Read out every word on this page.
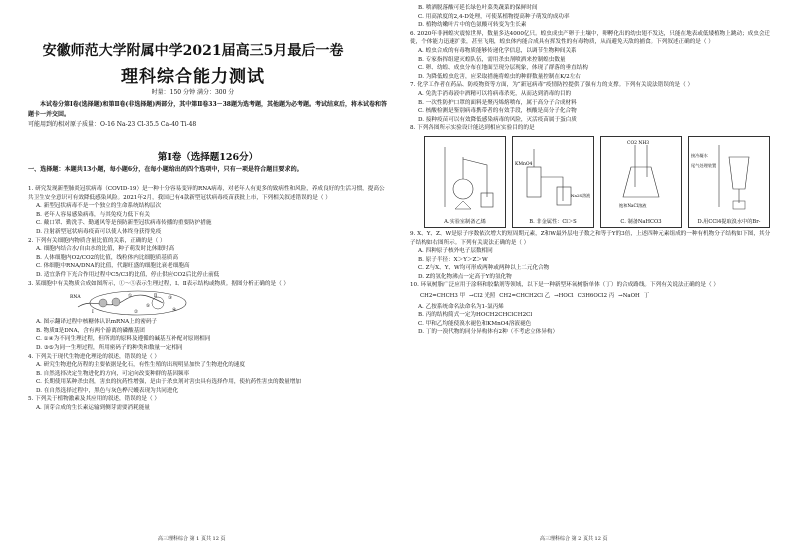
安徽师范大学附属中学2021届高三5月最后一卷
理科综合能力测试
时量：150 分钟 满分：300 分
本试卷分第Ⅰ卷(选择题)和第Ⅱ卷(非选择题)两部分，其中第Ⅱ卷33－38题为选考题，其他题为必考题。考试结束后，将本试卷和答题卡一并交回。
可能用到的相对原子质量：O-16 Na-23 Cl-35.5 Ca-40 Ti-48
第Ⅰ卷（选择题126分）
一、选择题：本题共13小题，每小题6分，在每小题给出的四个选项中，只有一项是符合题目要求的。

1. 研究发现新型肺炎冠状病毒（COVID-19）是一种十分容易变异的RNA病毒，对老年人有更多的致病性和风险，养成良好的生活习惯，提高公共卫生安全意识可有效降低感染风险。2021年2月，我国已有4款新型冠状病毒疫苗获批上市，下列相关叙述错误的是（ ）

A. 新型冠状病毒不是一个独立的生命系统结构层次

B. 老年人容易感染病毒，与其免疫力低下有关

C. 戴口罩、勤洗手、勤通风等是预防新型冠状病毒传播的重要防护措施

D. 注射新型冠状病毒疫苗可以使人体终身获得免疫

2. 下列有关细胞内物质含量比值的关系，正确的是（ ）

A. 细胞内结合水/自由水的比值，种子萌发时比休眠时高

B. 人体细胞内O2/CO2的比值，线粒体内比细胞质基质高

C. 体细胞中RNA/DNA的比值，代谢旺盛的细胞比衰老细胞高

D. 适宜条件下光合作用过程中C5/C3的比值，停止供应CO2后比停止前低

3. 某细胞中有关物质合成如图所示，①～⑤表示生理过程，Ⅰ、Ⅱ表示结构或物质。据图分析正确的是（ ）

RNA
Ⅰ
Ⅱ
①
②
③
④
⑤

A. 图示翻译过程中核糖体认识mRNA上的密码子

B. 物质Ⅱ是DNA，含有两个游离的磷酸基团

C. ①④为不同生理过程，但所需的原料及遵循的碱基互补配对原则相同

D. ③⑤为同一生理过程，所用密码子的种类和数量一定相同

4. 下列关于现代生物进化理论的叙述，错误的是（ ）

A. 研究生物进化历程的主要依据是化石，有性生殖的出现明显加快了生物进化的速度

B. 自然选择决定生物进化的方向，可定向改变种群的基因频率

C. 长期使用某种杀虫剂，害虫的抗药性增强，是由于杀虫剂对害虫具有选择作用，使抗药性害虫的数量增加

D. 在自然选择过程中，黑色与灰色桦尺蠖表现为共同进化

5. 下列关于植物激素及其应用的叙述，错误的是（ ）

A. 顶芽合成的生长素运输到侧芽需要消耗能量

高三理科综合 第 1 页共 12 页

B. 喷洒脱落酸可延长绿色叶菜类蔬菜的保鲜时间

C. 用高浓度的2,4-D处理，可使某植物提高种子萌发的成功率

D. 植物幼嫩叶片中的色氨酸可转变为生长素

6. 2020年非洲蝗灾震惊世界，数量多达4000亿只。蝗虫成虫产卵于土壤中，卵孵化出的幼虫翅不发达，只能在地表或低矮植物上跳动；成虫会迁徙，个体能力迅速扩张，甚至飞翔，蝗虫体内能合成具有挥发性的有毒物质，从而避免天敌的捕食。下列叙述正确的是（ ）

A. 蝗虫合成的有毒物质能够传递化学信息，以调节生物种间关系

B. 专家指挥组建灭蝗队伍，需用杀虫剂喷洒来控制蝗虫数量

C. 卵、幼蝗、成虫分布在地面呈现分层现象，体现了群落的垂直结构

D. 为降低蝗虫危害，应采取措施将蝗虫的种群数量控制在K/2左右

7. 化学工作者在药品、防疫物资等方面，为“新冠病毒”疫情防控提供了强有力的支撑。下列有关说法错误的是（ ）

A. 免洗手消毒液中酒精可以将病毒杀死，从而达到消毒的目的

B. 一次性防护口罩的面料是聚丙烯熔喷布，属于高分子合成材料

C. 核酸检测是鉴别病毒携带者的有效手段，核酸是高分子化合物

D. 接种疫苗可以有效降低感染病毒的风险，灭活疫苗属于蛋白质

8. 下列各图所示实验设计能达到相应实验目的的是

A.实验室制备乙烯
KMnO4
Na2S溶液
B. 非金属性：Cl＞S
CO2 NH3
饱和NaCl溶液
C. 制备NaHCO3
接冷凝水
尾气处理装置
D.用CCl4提取溴水中的Br-

9. X、Y、Z、W是原子序数依次增大的短周期元素，Z和W最外层电子数之和等于Y的3倍，上述四种元素组成的一种有机物分子结构如下图，其分子结构如右图所示。下列有关说法正确的是（ ）

A. 四种原子核外电子层数相同

B. 原子半径：X＞Y＞Z＞W

C. Z与X、Y、W均可形成两种或两种以上二元化合物

D. Z的氢化物沸点一定高于Y的氢化物

10. 环氧树脂广泛应用于涂料和胶黏剂等领域，以下是一种新型环氧树脂单体（丁）的合成路线。下列有关说法正确的是（ ）

CH2=CHCH3 甲 →Cl2 光照 CH2=CHCH2Cl 乙 →HOCl C3H6OCl2 丙 →NaOH 丁

A. 乙按系统命名法命名为1-氯丙烯

B. 丙的结构简式一定为HOCH2CHClCH2Cl

C. 甲和乙均能使溴水褪色和KMnO4溶液褪色

D. 丁的一溴代物的同分异构体有2种（不考虑立体异构）

高三理科综合 第 2 页共 12 页
